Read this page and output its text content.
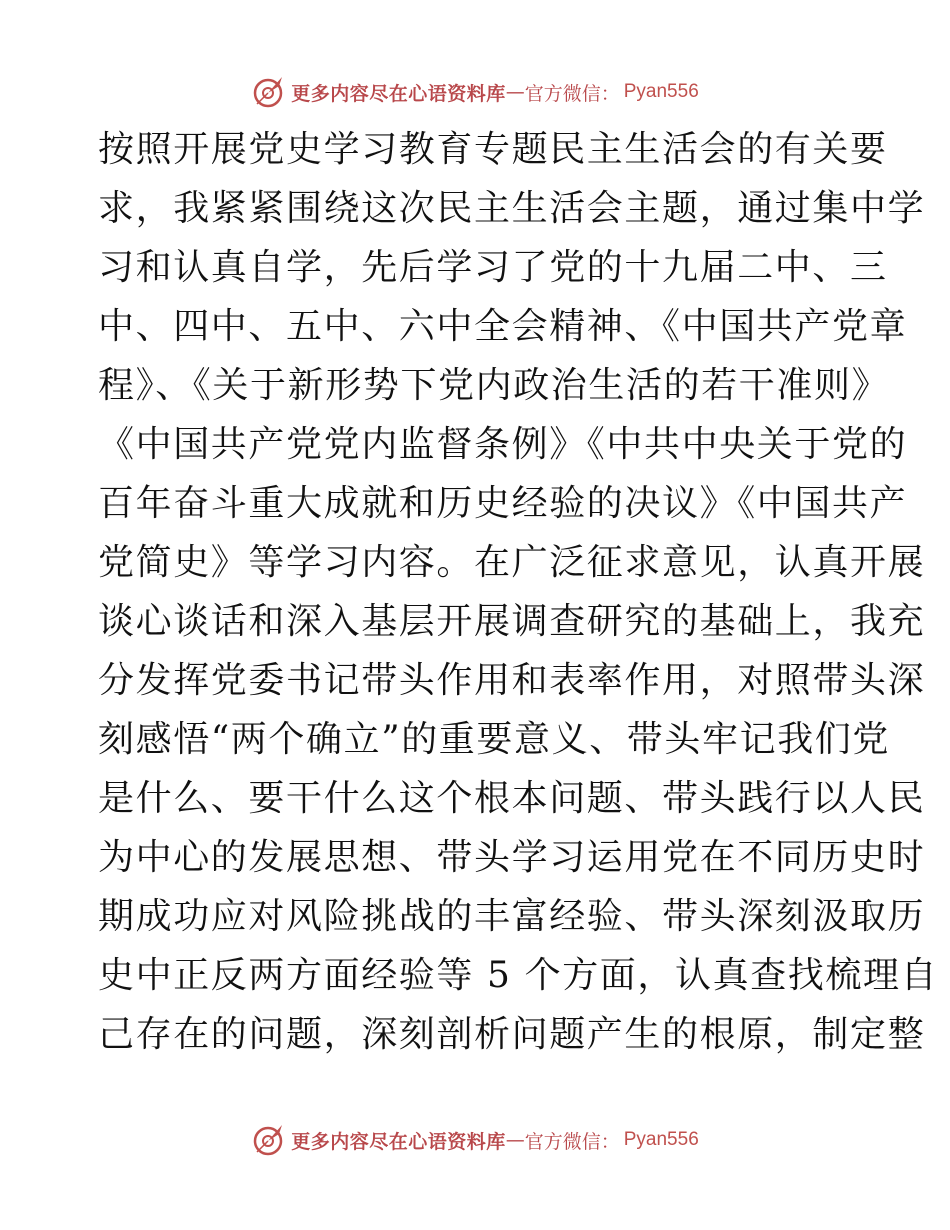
更多内容尽在心语资料库 — 官方微信： Pyan556
按照开展党史学习教育专题民主生活会的有关要
求，我紧紧围绕这次民主生活会主题，通过集中学
习和认真自学，先后学习了党的十九届二中、三
中、四中、五中、六中全会精神、《中国共产党章
程》、《关于新形势下党内政治生活的若干准则》
《中国共产党党内监督条例》《中共中央关于党的
百年奋斗重大成就和历史经验的决议》《中国共产
党简史》等学习内容。在广泛征求意见，认真开展
谈心谈话和深入基层开展调查研究的基础上，我充
分发挥党委书记带头作用和表率作用，对照带头深
刻感悟“两个确立”的重要意义、带头牢记我们党
是什么、要干什么这个根本问题、带头践行以人民
为中心的发展思想、带头学习运用党在不同历史时
期成功应对风险挑战的丰富经验、带头深刻汲取历
史中正反两方面经验等 5 个方面，认真查找梳理自
己存在的问题，深刻剖析问题产生的根原，制定整
更多内容尽在心语资料库 — 官方微信： Pyan556
